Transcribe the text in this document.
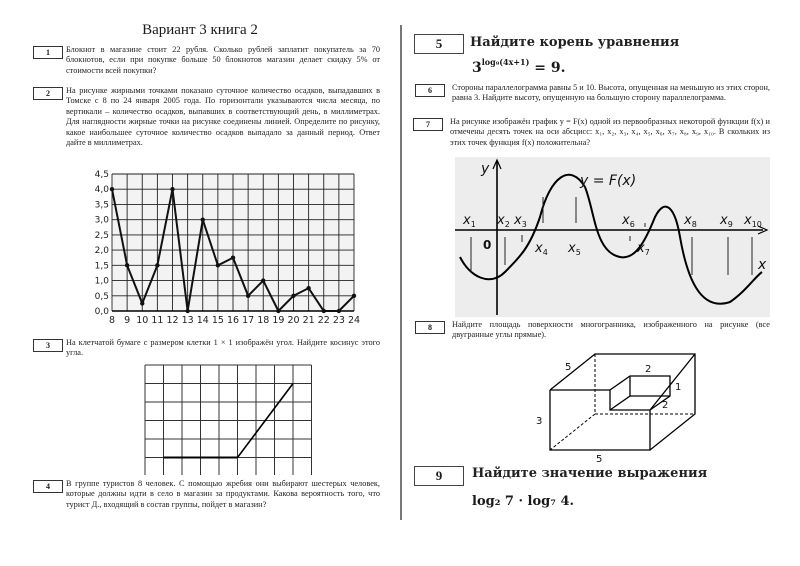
Вариант 3 книга 2
1	Блокнот в магазине стоит 22 рубля. Сколько рублей заплатит покупатель за 70 блокнотов, если при покупке больше 50 блокнотов магазин делает скидку 5% от стоимости всей покупки?
2	На рисунке жирными точками показано суточное количество осадков, выпадавших в Томске с 8 по 24 января 2005 года. По горизонтали указываются числа месяца, по вертикали – количество осадков, выпавших в соответствующий день, в миллиметрах. Для наглядности жирные точки на рисунке соединены линией. Определите по рисунку, какое наибольшее суточное количество осадков выпадало за данный период. Ответ дайте в миллиметрах.
0,0
0,5
1,0
1,5
2,0
2,5
3,0
3,5
4,0
4,5
8 9 10 11 12 13 14 15 16 17 18 19 20 21 22 23 24
3	На клетчатой бумаге с размером клетки 1 × 1 изображён угол. Найдите косинус этого угла.
4	В группе туристов 8 человек. С помощью жребия они выбирают шестерых человек, которые должны идти в село в магазин за продуктами. Какова вероятность того, что турист Д., входящий в состав группы, пойдет в магазин?
5	Найдите корень уравнения
$3^{log_9(4x+1)} = 9$.
6	Стороны параллелограмма равны 5 и 10. Высота, опущенная на меньшую из этих сторон, равна 3. Найдите высоту, опущенную на большую сторону параллелограмма.
7	На рисунке изображён график y = F(x) одной из первообразных некоторой функции f(x) и отмечены десять точек на оси абсцисс: x₁, x₂, x₃, x₄, x₅, x₆, x₇, x₈, x₉, x₁₀. В скольких из этих точек функция f(x) положительна?
y
x
0
y = F(x)
$x_1$ $x_2$ $x_3$
$x_4$ $x_5$
$x_6$
$x_7$
$x_8$ $x_9$ $x_{10}$
8	Найдите площадь поверхности многогранника, изображенного на рисунке (все двугранные углы прямые).
5
3
5
2
1
2
9	Найдите значение выражения
log₂ 7 · log₇ 4.
